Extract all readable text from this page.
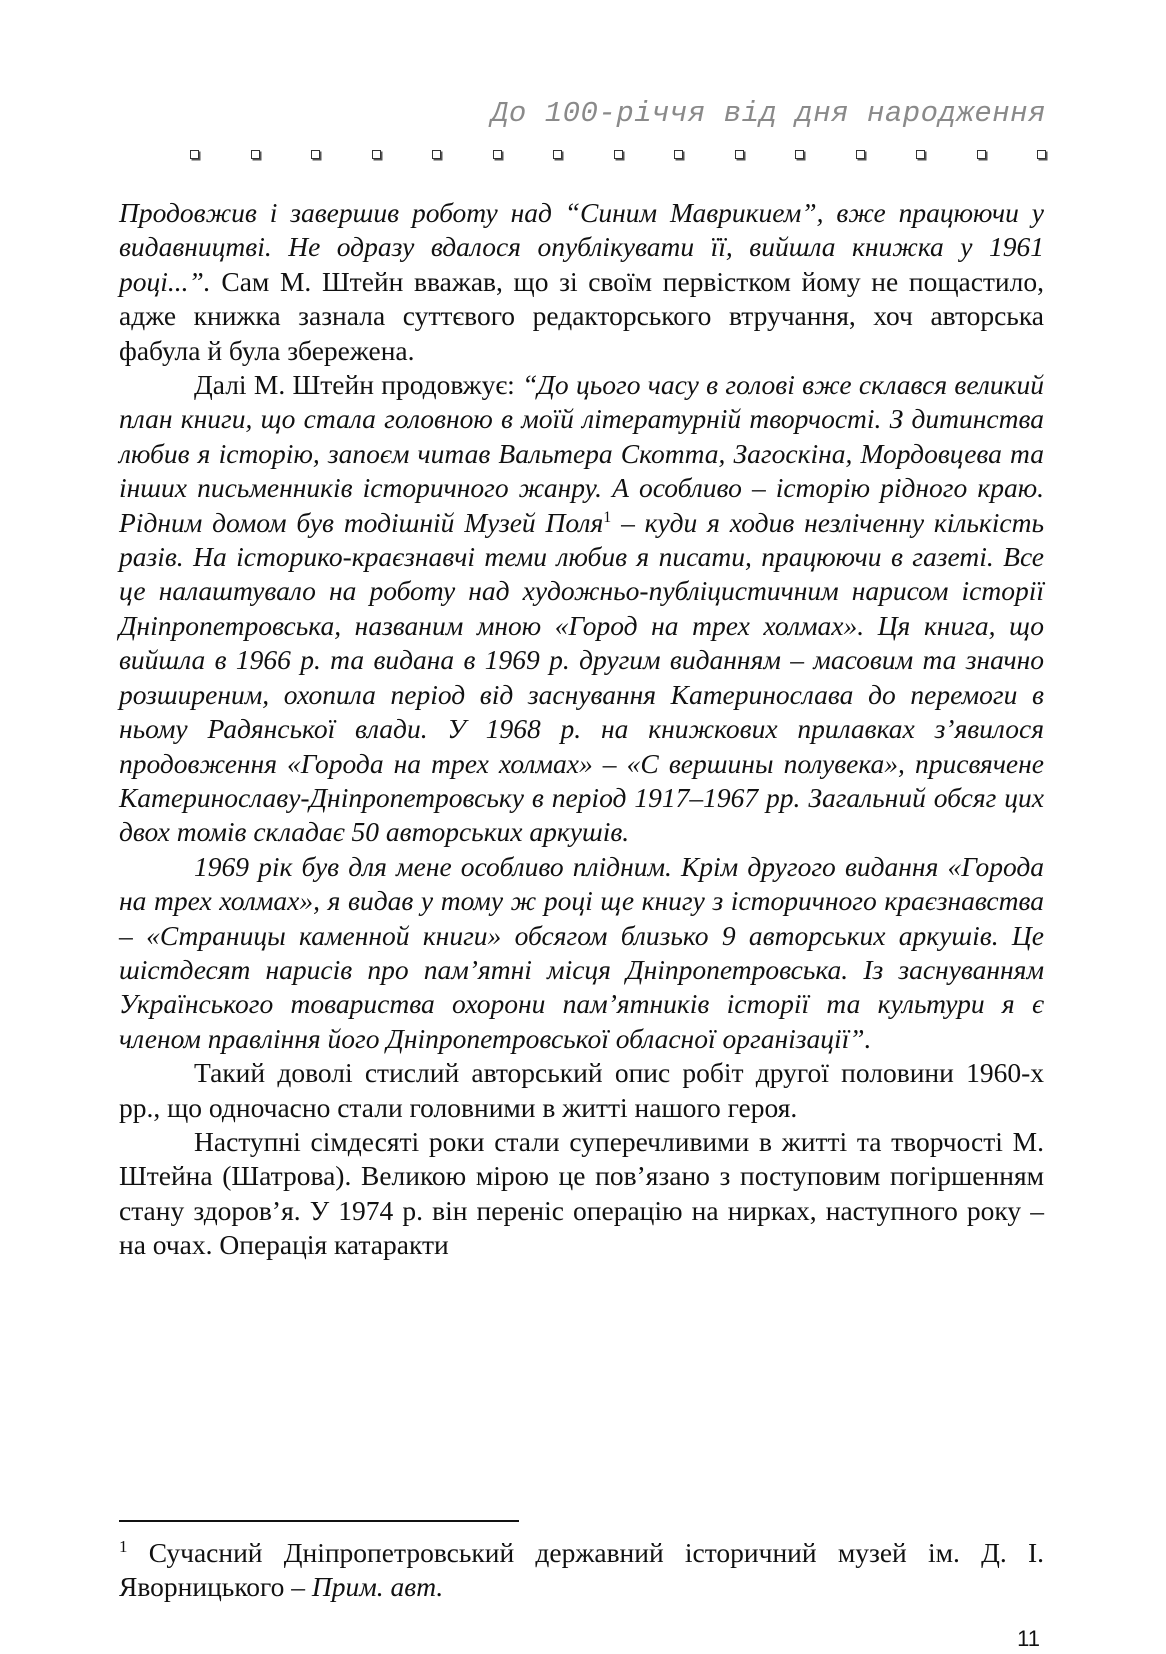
До 100-річчя від дня народження

Продовжив і завершив роботу над “Синим Маврикием”, вже працюючи у видавництві. Не одразу вдалося опублікувати її, вийшла книжка у 1961 році...”. Сам М. Штейн вважав, що зі своїм первістком йому не пощастило, адже книжка зазнала суттєвого редакторського втручання, хоч авторська фабула й була збережена.

Далі М. Штейн продовжує: “До цього часу в голові вже склався великий план книги, що стала головною в моїй літературній творчості. З дитинства любив я історію, запоєм читав Вальтера Скотта, Загоскіна, Мордовцева та інших письменників історичного жанру. А особливо – історію рідного краю. Рідним домом був тодішній Музей Поля$^1$ – куди я ходив незліченну кількість разів. На історико-краєзнавчі теми любив я писати, працюючи в газеті. Все це налаштувало на роботу над художньо-публіцистичним нарисом історії Дніпропетровська, названим мною «Город на трех холмах». Ця книга, що вийшла в 1966 р. та видана в 1969 р. другим виданням – масовим та значно розширеним, охопила період від заснування Катеринослава до перемоги в ньому Радянської влади. У 1968 р. на книжкових прилавках з’явилося продовження «Города на трех холмах» – «С вершины полувека», присвячене Катеринославу-Дніпропетровську в період 1917–1967 рр. Загальний обсяг цих двох томів складає 50 авторських аркушів.

1969 рік був для мене особливо плідним. Крім другого видання «Города на трех холмах», я видав у тому ж році ще книгу з історичного краєзнавства – «Страницы каменной книги» обсягом близько 9 авторських аркушів. Це шістдесят нарисів про пам’ятні місця Дніпропетровська. Із заснуванням Українського товариства охорони пам’ятників історії та культури я є членом правління його Дніпропетровської обласної організації”.

Такий доволі стислий авторський опис робіт другої половини 1960-х рр., що одночасно стали головними в житті нашого героя.

Наступні сімдесяті роки стали суперечливими в житті та творчості М. Штейна (Шатрова). Великою мірою це пов’язано з поступовим погіршенням стану здоров’я. У 1974 р. він переніс операцію на нирках, наступного року – на очах. Операція катаракти

$^1$ Сучасний Дніпропетровський державний історичний музей ім. Д. І. Яворницького – Прим. авт.
11
